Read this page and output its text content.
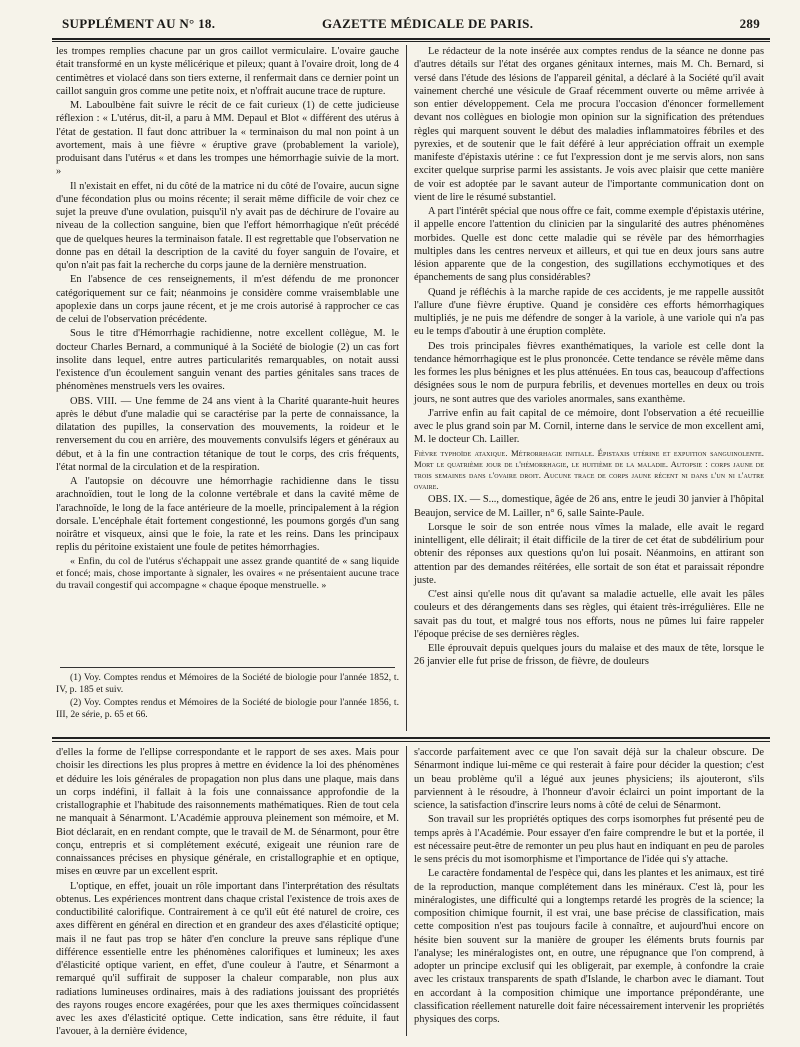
SUPPLÉMENT AU N° 18.	GAZETTE MÉDICALE DE PARIS.	289

les trompes remplies chacune par un gros caillot vermiculaire. L'ovaire gauche était transformé en un kyste mélicérique et pileux; quant à l'ovaire droit, long de 4 centimètres et violacé dans son tiers externe, il renfermait dans ce dernier point un caillot sanguin gros comme une petite noix, et n'offrait aucune trace de rupture.

M. Laboulbène fait suivre le récit de ce fait curieux (1) de cette judicieuse réflexion : « L'utérus, dit-il, a paru à MM. Depaul et Blot « différent des utérus à l'état de gestation. Il faut donc attribuer la « terminaison du mal non point à un avortement, mais à une fièvre « éruptive grave (probablement la variole), produisant dans l'utérus « et dans les trompes une hémorrhagie suivie de la mort. »

Il n'existait en effet, ni du côté de la matrice ni du côté de l'ovaire, aucun signe d'une fécondation plus ou moins récente; il serait même difficile de voir chez ce sujet la preuve d'une ovulation, puisqu'il n'y avait pas de déchirure de l'ovaire au niveau de la collection sanguine, bien que l'effort hémorrhagique n'eût précédé que de quelques heures la terminaison fatale. Il est regrettable que l'observation ne donne pas en détail la description de la cavité du foyer sanguin de l'ovaire, et qu'on n'ait pas fait la recherche du corps jaune de la dernière menstruation.

En l'absence de ces renseignements, il m'est défendu de me prononcer catégoriquement sur ce fait; néanmoins je considère comme vraisemblable une apoplexie dans un corps jaune récent, et je me crois autorisé à rapprocher ce cas de celui de l'observation précédente.

Sous le titre d'Hémorrhagie rachidienne, notre excellent collègue, M. le docteur Charles Bernard, a communiqué à la Société de biologie (2) un cas fort insolite dans lequel, entre autres particularités remarquables, on notait aussi l'existence d'un écoulement sanguin venant des parties génitales sans traces de phénomènes menstruels vers les ovaires.

OBS. VIII. — Une femme de 24 ans vient à la Charité quarante-huit heures après le début d'une maladie qui se caractérise par la perte de connaissance, la dilatation des pupilles, la conservation des mouvements, la roideur et le renversement du cou en arrière, des mouvements convulsifs légers et généraux au début, et à la fin une contraction tétanique de tout le corps, des cris fréquents, l'état normal de la circulation et de la respiration.

A l'autopsie on découvre une hémorrhagie rachidienne dans le tissu arachnoïdien, tout le long de la colonne vertébrale et dans la cavité même de l'arachnoïde, le long de la face antérieure de la moelle, principalement à la région dorsale. L'encéphale était fortement congestionné, les poumons gorgés d'un sang noirâtre et visqueux, ainsi que le foie, la rate et les reins. Dans les principaux replis du péritoine existaient une foule de petites hémorrhagies.

« Enfin, du col de l'utérus s'échappait une assez grande quantité de « sang liquide et foncé; mais, chose importante à signaler, les ovaires « ne présentaient aucune trace du travail congestif qui accompagne « chaque époque menstruelle. »

(1) Voy. Comptes rendus et Mémoires de la Société de biologie pour l'année 1852, t. IV, p. 185 et suiv.

(2) Voy. Comptes rendus et Mémoires de la Société de biologie pour l'année 1856, t. III, 2e série, p. 65 et 66.

Le rédacteur de la note insérée aux comptes rendus de la séance ne donne pas d'autres détails sur l'état des organes génitaux internes, mais M. Ch. Bernard, si versé dans l'étude des lésions de l'appareil génital, a déclaré à la Société qu'il avait vainement cherché une vésicule de Graaf récemment ouverte ou même arrivée à son entier développement. Cela me procura l'occasion d'énoncer formellement devant nos collègues en biologie mon opinion sur la signification des prétendues règles qui marquent souvent le début des maladies inflammatoires fébriles et des pyrexies, et de soutenir que le fait déféré à leur appréciation offrait un exemple manifeste d'épistaxis utérine : ce fut l'expression dont je me servis alors, non sans exciter quelque surprise parmi les assistants. Je vois avec plaisir que cette manière de voir est adoptée par le savant auteur de l'importante communication dont on vient de lire le résumé substantiel.

A part l'intérêt spécial que nous offre ce fait, comme exemple d'épistaxis utérine, il appelle encore l'attention du clinicien par la singularité des autres phénomènes morbides. Quelle est donc cette maladie qui se révèle par des hémorrhagies multiples dans les centres nerveux et ailleurs, et qui tue en deux jours sans autre lésion apparente que de la congestion, des sugillations ecchymotiques et des épanchements de sang plus considérables?

Quand je réfléchis à la marche rapide de ces accidents, je me rappelle aussitôt l'allure d'une fièvre éruptive. Quand je considère ces efforts hémorrhagiques multipliés, je ne puis me défendre de songer à la variole, à une variole qui n'a pas eu le temps d'aboutir à une éruption complète.

Des trois principales fièvres exanthématiques, la variole est celle dont la tendance hémorrhagique est le plus prononcée. Cette tendance se révèle même dans les formes les plus bénignes et les plus atténuées. En tous cas, beaucoup d'affections désignées sous le nom de purpura febrilis, et devenues mortelles en deux ou trois jours, ne sont autres que des varioles anormales, sans exanthème.

J'arrive enfin au fait capital de ce mémoire, dont l'observation a été recueillie avec le plus grand soin par M. Cornil, interne dans le service de mon excellent ami, M. le docteur Ch. Lailler.

Fièvre typhoïde ataxique. Métrorrhagie initiale. Épistaxis utérine et expuition sanguinolente. Mort le quatrième jour de l'hémorrhagie, le huitième de la maladie. Autopsie : corps jaune de trois semaines dans l'ovaire droit. Aucune trace de corps jaune récent ni dans l'un ni l'autre ovaire.

OBS. IX. — S..., domestique, âgée de 26 ans, entre le jeudi 30 janvier à l'hôpital Beaujon, service de M. Lailler, n° 6, salle Sainte-Paule.

Lorsque le soir de son entrée nous vîmes la malade, elle avait le regard inintelligent, elle délirait; il était difficile de la tirer de cet état de subdélirium pour obtenir des réponses aux questions qu'on lui posait. Néanmoins, en attirant son attention par des demandes réitérées, elle sortait de son état et paraissait répondre juste.

C'est ainsi qu'elle nous dit qu'avant sa maladie actuelle, elle avait les pâles couleurs et des dérangements dans ses règles, qui étaient très-irrégulières. Elle ne savait pas du tout, et malgré tous nos efforts, nous ne pûmes lui faire rappeler l'époque précise de ses dernières règles.

Elle éprouvait depuis quelques jours du malaise et des maux de tête, lorsque le 26 janvier elle fut prise de frisson, de fièvre, de douleurs

d'elles la forme de l'ellipse correspondante et le rapport de ses axes. Mais pour choisir les directions les plus propres à mettre en évidence la loi des phénomènes et déduire les lois générales de propagation non plus dans une plaque, mais dans un corps indéfini, il fallait à la fois une connaissance approfondie de la cristallographie et l'habitude des raisonnements mathématiques. Rien de tout cela ne manquait à Sénarmont. L'Académie approuva pleinement son mémoire, et M. Biot déclarait, en en rendant compte, que le travail de M. de Sénarmont, pour être conçu, entrepris et si complétement exécuté, exigeait une réunion rare de connaissances précises en physique générale, en cristallographie et en optique, mises en œuvre par un excellent esprit.

L'optique, en effet, jouait un rôle important dans l'interprétation des résultats obtenus. Les expériences montrent dans chaque cristal l'existence de trois axes de conductibilité calorifique. Contrairement à ce qu'il eût été naturel de croire, ces axes diffèrent en général en direction et en grandeur des axes d'élasticité optique; mais il ne faut pas trop se hâter d'en conclure la preuve sans réplique d'une différence essentielle entre les phénomènes calorifiques et lumineux; les axes d'élasticité optique varient, en effet, d'une couleur à l'autre, et Sénarmont a remarqué qu'il suffirait de supposer la chaleur comparable, non plus aux radiations lumineuses ordinaires, mais à des radiations jouissant des propriétés des rayons rouges encore exagérées, pour que les axes thermiques coïncidassent avec les axes d'élasticité optique. Cette indication, sans être réduite, il faut l'avouer, à la dernière évidence,

s'accorde parfaitement avec ce que l'on savait déjà sur la chaleur obscure. De Sénarmont indique lui-même ce qui resterait à faire pour décider la question; c'est un beau problème qu'il a légué aux jeunes physiciens; ils ajouteront, s'ils parviennent à le résoudre, à l'honneur d'avoir éclairci un point important de la science, la satisfaction d'inscrire leurs noms à côté de celui de Sénarmont.

Son travail sur les propriétés optiques des corps isomorphes fut présenté peu de temps après à l'Académie. Pour essayer d'en faire comprendre le but et la portée, il est nécessaire peut-être de remonter un peu plus haut en indiquant en peu de paroles le sens précis du mot isomorphisme et l'importance de l'idée qui s'y attache.

Le caractère fondamental de l'espèce qui, dans les plantes et les animaux, est tiré de la reproduction, manque complétement dans les minéraux. C'est là, pour les minéralogistes, une difficulté qui a longtemps retardé les progrès de la science; la composition chimique fournit, il est vrai, une base précise de classification, mais cette composition n'est pas toujours facile à connaître, et aujourd'hui encore on hésite bien souvent sur la manière de grouper les éléments bruts fournis par l'analyse; les minéralogistes ont, en outre, une répugnance que l'on comprend, à adopter un principe exclusif qui les obligerait, par exemple, à confondre la craie avec les cristaux transparents de spath d'Islande, le charbon avec le diamant. Tout en accordant à la composition chimique une importance prépondérante, une classification réellement naturelle doit faire nécessairement intervenir les propriétés physiques des corps.
